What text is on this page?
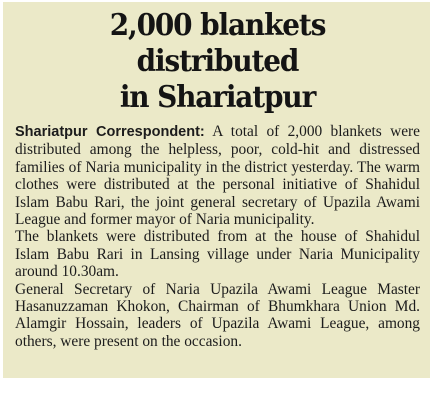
2,000 blankets distributed
in Shariatpur

Shariatpur Correspondent: A total of 2,000 blankets were distributed among the helpless, poor, cold-hit and distressed families of Naria municipality in the district yesterday. The warm clothes were distributed at the personal initiative of Shahidul Islam Babu Rari, the joint general secretary of Upazila Awami League and former mayor of Naria municipality.

The blankets were distributed from at the house of Shahidul Islam Babu Rari in Lansing village under Naria Municipality around 10.30am.

General Secretary of Naria Upazila Awami League Master Hasanuzzaman Khokon, Chairman of Bhumkhara Union Md. Alamgir Hossain, leaders of Upazila Awami League, among others, were present on the occasion.
